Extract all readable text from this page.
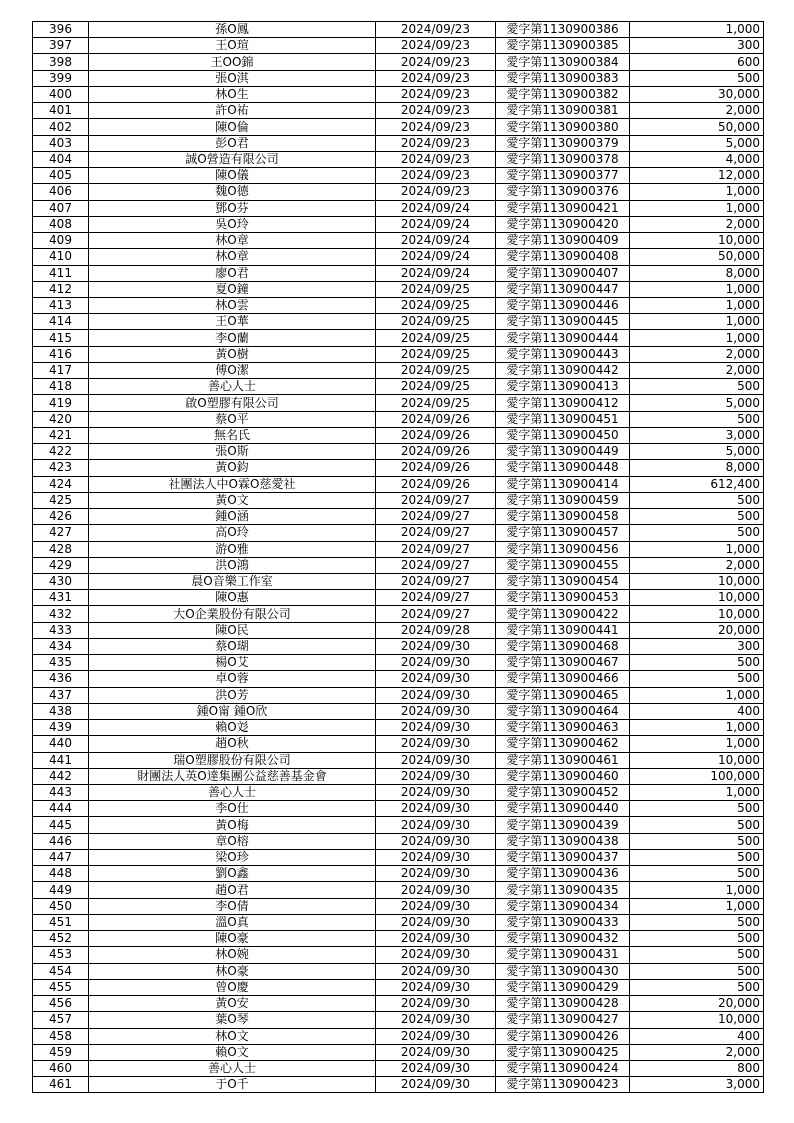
396	孫O鳳	2024/09/23	愛字第1130900386	1,000
397	王O瑄	2024/09/23	愛字第1130900385	300
398	王OO錦	2024/09/23	愛字第1130900384	600
399	張O淇	2024/09/23	愛字第1130900383	500
400	林O生	2024/09/23	愛字第1130900382	30,000
401	許O祐	2024/09/23	愛字第1130900381	2,000
402	陳O倫	2024/09/23	愛字第1130900380	50,000
403	彭O君	2024/09/23	愛字第1130900379	5,000
404	誠O營造有限公司	2024/09/23	愛字第1130900378	4,000
405	陳O儀	2024/09/23	愛字第1130900377	12,000
406	魏O德	2024/09/23	愛字第1130900376	1,000
407	鄧O芬	2024/09/24	愛字第1130900421	1,000
408	吳O玲	2024/09/24	愛字第1130900420	2,000
409	林O章	2024/09/24	愛字第1130900409	10,000
410	林O章	2024/09/24	愛字第1130900408	50,000
411	廖O君	2024/09/24	愛字第1130900407	8,000
412	夏O鐘	2024/09/25	愛字第1130900447	1,000
413	林O雲	2024/09/25	愛字第1130900446	1,000
414	王O華	2024/09/25	愛字第1130900445	1,000
415	李O蘭	2024/09/25	愛字第1130900444	1,000
416	黃O樹	2024/09/25	愛字第1130900443	2,000
417	傅O潔	2024/09/25	愛字第1130900442	2,000
418	善心人士	2024/09/25	愛字第1130900413	500
419	啟O塑膠有限公司	2024/09/25	愛字第1130900412	5,000
420	蔡O平	2024/09/26	愛字第1130900451	500
421	無名氏	2024/09/26	愛字第1130900450	3,000
422	張O斯	2024/09/26	愛字第1130900449	5,000
423	黃O鈞	2024/09/26	愛字第1130900448	8,000
424	社團法人中O霖O慈愛社	2024/09/26	愛字第1130900414	612,400
425	黃O文	2024/09/27	愛字第1130900459	500
426	鍾O涵	2024/09/27	愛字第1130900458	500
427	高O玲	2024/09/27	愛字第1130900457	500
428	游O雅	2024/09/27	愛字第1130900456	1,000
429	洪O鴻	2024/09/27	愛字第1130900455	2,000
430	晨O音樂工作室	2024/09/27	愛字第1130900454	10,000
431	陳O惠	2024/09/27	愛字第1130900453	10,000
432	大O企業股份有限公司	2024/09/27	愛字第1130900422	10,000
433	陳O民	2024/09/28	愛字第1130900441	20,000
434	蔡O瑚	2024/09/30	愛字第1130900468	300
435	楊O艾	2024/09/30	愛字第1130900467	500
436	卓O蓉	2024/09/30	愛字第1130900466	500
437	洪O芳	2024/09/30	愛字第1130900465	1,000
438	鍾O甯 鍾O欣	2024/09/30	愛字第1130900464	400
439	賴O彣	2024/09/30	愛字第1130900463	1,000
440	趙O秋	2024/09/30	愛字第1130900462	1,000
441	瑞O塑膠股份有限公司	2024/09/30	愛字第1130900461	10,000
442	財團法人英O達集團公益慈善基金會	2024/09/30	愛字第1130900460	100,000
443	善心人士	2024/09/30	愛字第1130900452	1,000
444	李O仕	2024/09/30	愛字第1130900440	500
445	黃O梅	2024/09/30	愛字第1130900439	500
446	章O榕	2024/09/30	愛字第1130900438	500
447	梁O珍	2024/09/30	愛字第1130900437	500
448	劉O鑫	2024/09/30	愛字第1130900436	500
449	趙O君	2024/09/30	愛字第1130900435	1,000
450	李O倩	2024/09/30	愛字第1130900434	1,000
451	溫O真	2024/09/30	愛字第1130900433	500
452	陳O豪	2024/09/30	愛字第1130900432	500
453	林O婉	2024/09/30	愛字第1130900431	500
454	林O豪	2024/09/30	愛字第1130900430	500
455	曾O慶	2024/09/30	愛字第1130900429	500
456	黃O安	2024/09/30	愛字第1130900428	20,000
457	葉O琴	2024/09/30	愛字第1130900427	10,000
458	林O文	2024/09/30	愛字第1130900426	400
459	賴O文	2024/09/30	愛字第1130900425	2,000
460	善心人士	2024/09/30	愛字第1130900424	800
461	于O千	2024/09/30	愛字第1130900423	3,000
